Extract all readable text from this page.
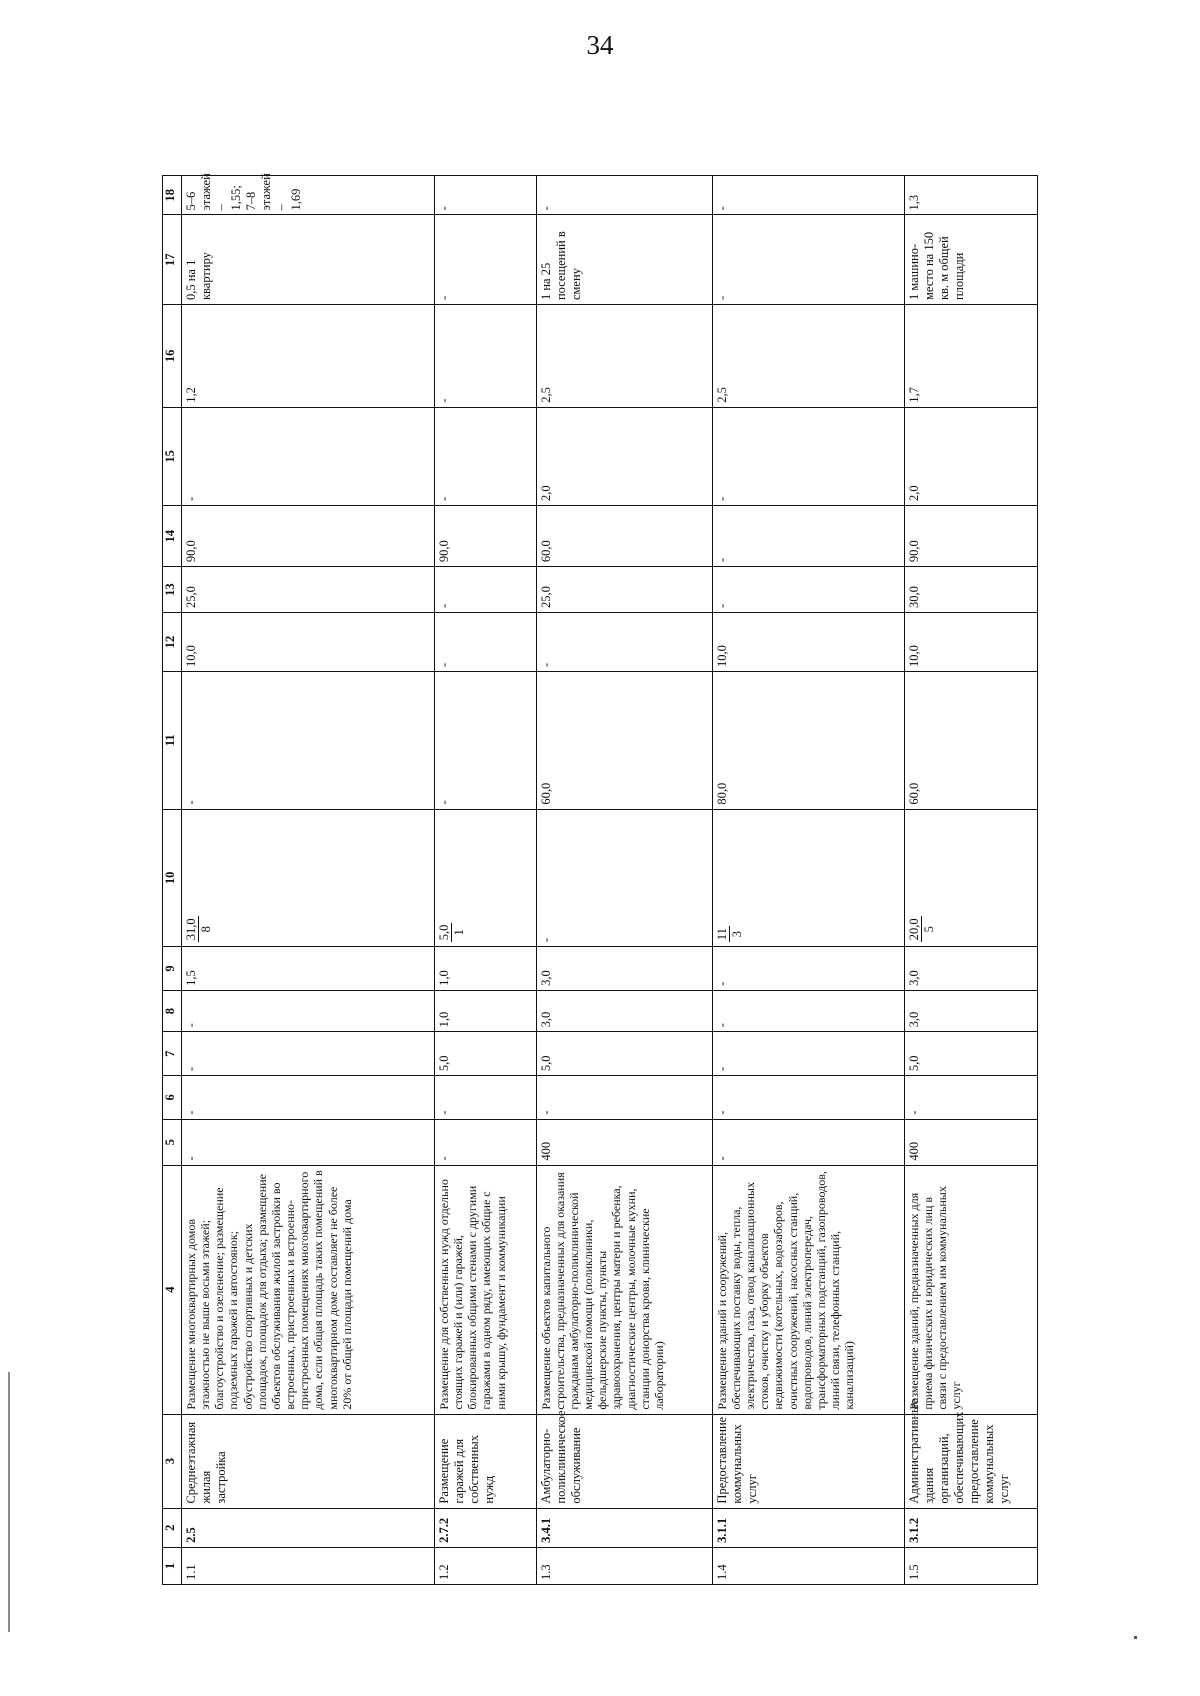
34
1	2	3	4	5	6	7	8	9	10	11	12	13	14	15	16	17	18
1.1	2.5	Среднеэтажная жилая застройка	Размещение многоквартирных домов этажностью не выше восьми этажей; благоустройство и озеленение; размещение подземных гаражей и автостоянок; обустройство спортивных и детских площадок, площадок для отдыха; размещение объектов обслуживания жилой застройки во встроенных, пристроенных и встроенно-пристроенных помещениях многоквартирного дома, если общая площадь таких помещений в многоквартирном доме составляет не более 20% от общей площади помещений дома	-	-	-	-	1,5	31,0 8	-	10,0	25,0	90,0	-	1,2	0,5 на 1 квартиру	5–6 этажей – 1,55; 7–8 этажей – 1,69
1.2	2.7.2	Размещение гаражей для собственных нужд	Размещение для собственных нужд отдельно стоящих гаражей и (или) гаражей, блокированных общими стенами с другими гаражами в одном ряду, имеющих общие с ними крышу, фундамент и коммуникации	-	-	5,0	1,0	1,0	5,0 1	-	-	-	90,0	-	-	-	-
1.3	3.4.1	Амбулаторно-поликлиническое обслуживание	Размещение объектов капитального строительства, предназначенных для оказания гражданам амбулаторно-поликлинической медицинской помощи (поликлиники, фельдшерские пункты, пункты здравоохранения, центры матери и ребенка, диагностические центры, молочные кухни, станции донорства крови, клинические лаборатории)	400	-	5,0	3,0	3,0	-	60,0	-	25,0	60,0	2,0	2,5	1 на 25 посещений в смену	-
1.4	3.1.1	Предоставление коммунальных услуг	Размещение зданий и сооружений, обеспечивающих поставку воды, тепла, электричества, газа, отвод канализационных стоков, очистку и уборку объектов недвижимости (котельных, водозаборов, очистных сооружений, насосных станций, водопроводов, линий электропередач, трансформаторных подстанций, газопроводов, линий связи, телефонных станций, канализаций)	-	-	-	-	-	11 3	80,0	10,0	-	-	-	2,5	-	-
1.5	3.1.2	Административные здания организаций, обеспечивающих предоставление коммунальных услуг	Размещение зданий, предназначенных для приема физических и юридических лиц в связи с предоставлением им коммунальных услуг	400	-	5,0	3,0	3,0	20,0 5	60,0	10,0	30,0	90,0	2,0	1,7	1 машино-место на 150 кв. м общей площади	1,3
